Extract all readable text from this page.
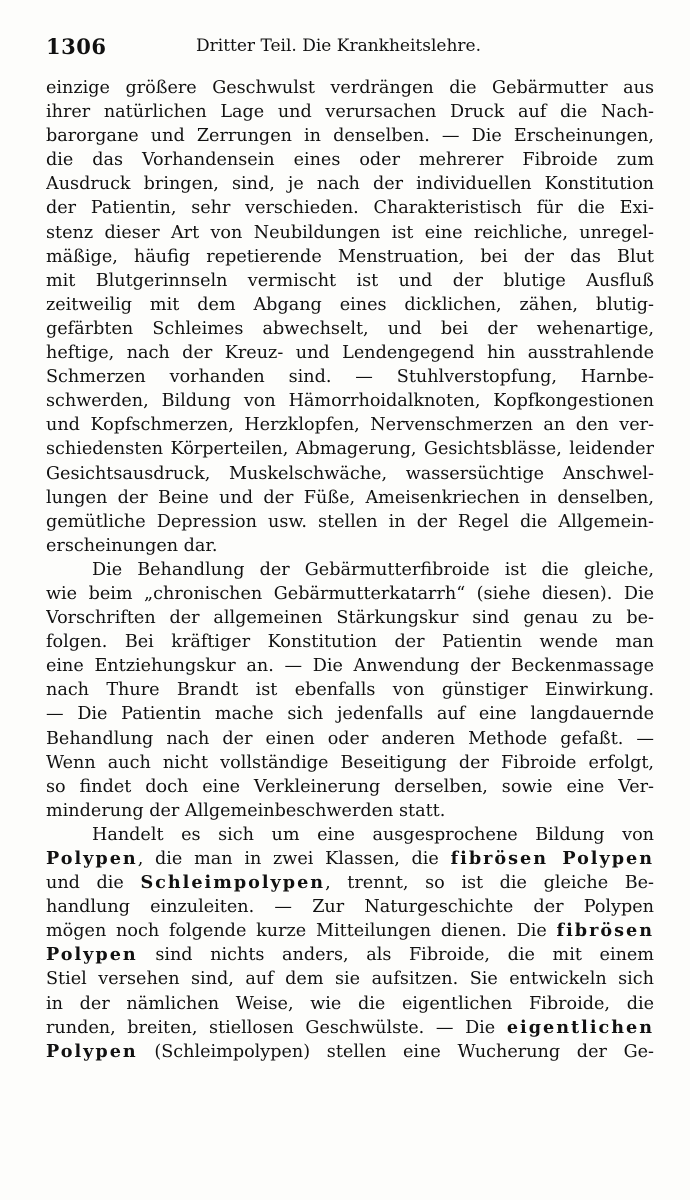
1306	Dritter Teil. Die Krankheitslehre.
einzige größere Geschwulst verdrängen die Gebärmutter aus
ihrer natürlichen Lage und verursachen Druck auf die Nach-
barorgane und Zerrungen in denselben. — Die Erscheinungen,
die das Vorhandensein eines oder mehrerer Fibroide zum
Ausdruck bringen, sind, je nach der individuellen Konstitution
der Patientin, sehr verschieden. Charakteristisch für die Exi-
stenz dieser Art von Neubildungen ist eine reichliche, unregel-
mäßige, häufig repetierende Menstruation, bei der das Blut
mit Blutgerinnseln vermischt ist und der blutige Ausfluß
zeitweilig mit dem Abgang eines dicklichen, zähen, blutig-
gefärbten Schleimes abwechselt, und bei der wehenartige,
heftige, nach der Kreuz- und Lendengegend hin ausstrahlende
Schmerzen vorhanden sind. — Stuhlverstopfung, Harnbe-
schwerden, Bildung von Hämorrhoidalknoten, Kopfkongestionen
und Kopfschmerzen, Herzklopfen, Nervenschmerzen an den ver-
schiedensten Körperteilen, Abmagerung, Gesichtsblässe, leidender
Gesichtsausdruck, Muskelschwäche, wassersüchtige Anschwel-
lungen der Beine und der Füße, Ameisenkriechen in denselben,
gemütliche Depression usw. stellen in der Regel die Allgemein-
erscheinungen dar.
Die Behandlung der Gebärmutterfibroide ist die gleiche,
wie beim „chronischen Gebärmutterkatarrh“ (siehe diesen). Die
Vorschriften der allgemeinen Stärkungskur sind genau zu be-
folgen. Bei kräftiger Konstitution der Patientin wende man
eine Entziehungskur an. — Die Anwendung der Beckenmassage
nach Thure Brandt ist ebenfalls von günstiger Einwirkung.
— Die Patientin mache sich jedenfalls auf eine langdauernde
Behandlung nach der einen oder anderen Methode gefaßt. —
Wenn auch nicht vollständige Beseitigung der Fibroide erfolgt,
so findet doch eine Verkleinerung derselben, sowie eine Ver-
minderung der Allgemeinbeschwerden statt.
Handelt es sich um eine ausgesprochene Bildung von
Polypen, die man in zwei Klassen, die fibrösen Polypen
und die Schleimpolypen, trennt, so ist die gleiche Be-
handlung einzuleiten. — Zur Naturgeschichte der Polypen
mögen noch folgende kurze Mitteilungen dienen. Die fibrösen
Polypen sind nichts anders, als Fibroide, die mit einem
Stiel versehen sind, auf dem sie aufsitzen. Sie entwickeln sich
in der nämlichen Weise, wie die eigentlichen Fibroide, die
runden, breiten, stiellosen Geschwülste. — Die eigentlichen
Polypen (Schleimpolypen) stellen eine Wucherung der Ge-
